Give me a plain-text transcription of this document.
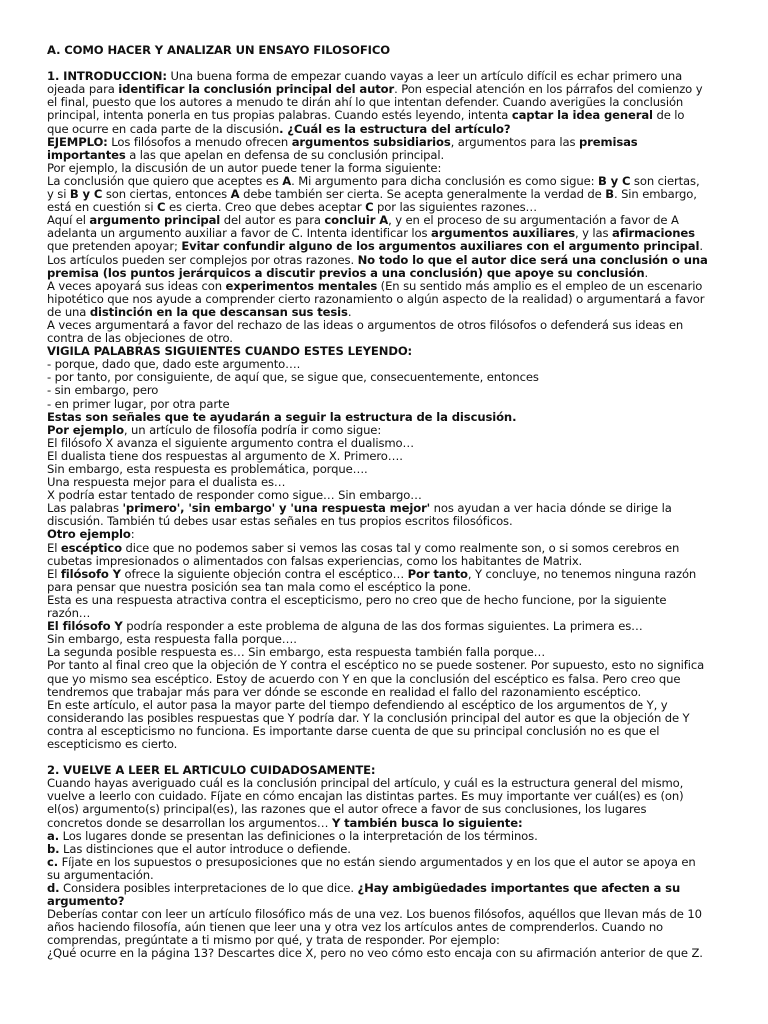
A. COMO HACER Y ANALIZAR UN ENSAYO FILOSOFICO
1. INTRODUCCION: Una buena forma de empezar cuando vayas a leer un artículo difícil es echar primero una
ojeada para identificar la conclusión principal del autor. Pon especial atención en los párrafos del comienzo y
el final, puesto que los autores a menudo te dirán ahí lo que intentan defender. Cuando averigües la conclusión
principal, intenta ponerla en tus propias palabras. Cuando estés leyendo, intenta captar la idea general de lo
que ocurre en cada parte de la discusión. ¿Cuál es la estructura del artículo?
EJEMPLO: Los filósofos a menudo ofrecen argumentos subsidiarios, argumentos para las premisas
importantes a las que apelan en defensa de su conclusión principal.
Por ejemplo, la discusión de un autor puede tener la forma siguiente:
La conclusión que quiero que aceptes es A. Mi argumento para dicha conclusión es como sigue: B y C son ciertas,
y si B y C son ciertas, entonces A debe también ser cierta. Se acepta generalmente la verdad de B. Sin embargo,
está en cuestión si C es cierta. Creo que debes aceptar C por las siguientes razones…
Aquí el argumento principal del autor es para concluir A, y en el proceso de su argumentación a favor de A
adelanta un argumento auxiliar a favor de C. Intenta identificar los argumentos auxiliares, y las afirmaciones
que pretenden apoyar; Evitar confundir alguno de los argumentos auxiliares con el argumento principal.
Los artículos pueden ser complejos por otras razones. No todo lo que el autor dice será una conclusión o una
premisa (los puntos jerárquicos a discutir previos a una conclusión) que apoye su conclusión.
A veces apoyará sus ideas con experimentos mentales (En su sentido más amplio es el empleo de un escenario
hipotético que nos ayude a comprender cierto razonamiento o algún aspecto de la realidad) o argumentará a favor
de una distinción en la que descansan sus tesis.
A veces argumentará a favor del rechazo de las ideas o argumentos de otros filósofos o defenderá sus ideas en
contra de las objeciones de otro.
VIGILA PALABRAS SIGUIENTES CUANDO ESTES LEYENDO:
- porque, dado que, dado este argumento….
- por tanto, por consiguiente, de aquí que, se sigue que, consecuentemente, entonces
- sin embargo, pero
- en primer lugar, por otra parte
Estas son señales que te ayudarán a seguir la estructura de la discusión.
Por ejemplo, un artículo de filosofía podría ir como sigue:
El filósofo X avanza el siguiente argumento contra el dualismo…
El dualista tiene dos respuestas al argumento de X. Primero….
Sin embargo, esta respuesta es problemática, porque….
Una respuesta mejor para el dualista es…
X podría estar tentado de responder como sigue… Sin embargo…
Las palabras 'primero', 'sin embargo' y 'una respuesta mejor' nos ayudan a ver hacia dónde se dirige la
discusión. También tú debes usar estas señales en tus propios escritos filosóficos.
Otro ejemplo:
El escéptico dice que no podemos saber si vemos las cosas tal y como realmente son, o si somos cerebros en
cubetas impresionados o alimentados con falsas experiencias, como los habitantes de Matrix.
El filósofo Y ofrece la siguiente objeción contra el escéptico… Por tanto, Y concluye, no tenemos ninguna razón
para pensar que nuestra posición sea tan mala como el escéptico la pone.
Esta es una respuesta atractiva contra el escepticismo, pero no creo que de hecho funcione, por la siguiente
razón…
El filósofo Y podría responder a este problema de alguna de las dos formas siguientes. La primera es…
Sin embargo, esta respuesta falla porque….
La segunda posible respuesta es… Sin embargo, esta respuesta también falla porque…
Por tanto al final creo que la objeción de Y contra el escéptico no se puede sostener. Por supuesto, esto no significa
que yo mismo sea escéptico. Estoy de acuerdo con Y en que la conclusión del escéptico es falsa. Pero creo que
tendremos que trabajar más para ver dónde se esconde en realidad el fallo del razonamiento escéptico.
En este artículo, el autor pasa la mayor parte del tiempo defendiendo al escéptico de los argumentos de Y, y
considerando las posibles respuestas que Y podría dar. Y la conclusión principal del autor es que la objeción de Y
contra al escepticismo no funciona. Es importante darse cuenta de que su principal conclusión no es que el
escepticismo es cierto.
2. VUELVE A LEER EL ARTICULO CUIDADOSAMENTE:
Cuando hayas averiguado cuál es la conclusión principal del artículo, y cuál es la estructura general del mismo,
vuelve a leerlo con cuidado. Fíjate en cómo encajan las distintas partes. Es muy importante ver cuál(es) es (on)
el(os) argumento(s) principal(es), las razones que el autor ofrece a favor de sus conclusiones, los lugares
concretos donde se desarrollan los argumentos… Y también busca lo siguiente:
a. Los lugares donde se presentan las definiciones o la interpretación de los términos.
b. Las distinciones que el autor introduce o defiende.
c. Fíjate en los supuestos o presuposiciones que no están siendo argumentados y en los que el autor se apoya en
su argumentación.
d. Considera posibles interpretaciones de lo que dice. ¿Hay ambigüedades importantes que afecten a su
argumento?
Deberías contar con leer un artículo filosófico más de una vez. Los buenos filósofos, aquéllos que llevan más de 10
años haciendo filosofía, aún tienen que leer una y otra vez los artículos antes de comprenderlos. Cuando no
comprendas, pregúntate a ti mismo por qué, y trata de responder. Por ejemplo:
¿Qué ocurre en la página 13? Descartes dice X, pero no veo cómo esto encaja con su afirmación anterior de que Z.
